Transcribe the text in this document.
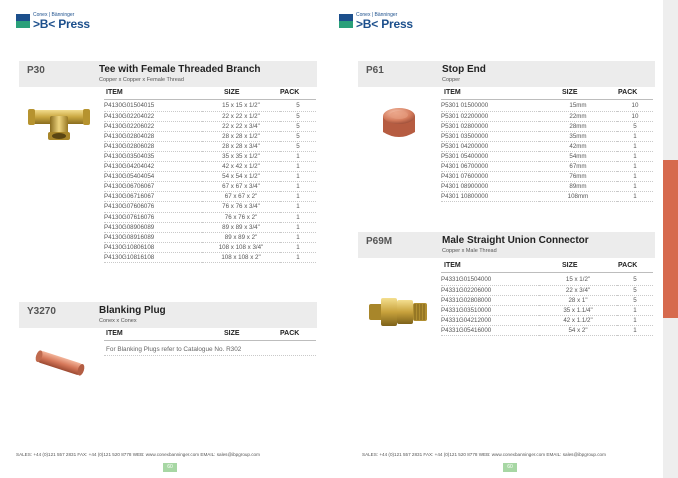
Conex | Bänninger
>B< Press
P30	Tee with Female Threaded Branch
Copper x Copper x Female Thread
ITEM	SIZE	PACK
P4130G01504015	15 x 15 x 1/2"	5
P4130G02204022	22 x 22 x 1/2"	5
P4130G02206022	22 x 22 x 3/4"	5
P4130G02804028	28 x 28 x 1/2"	5
P4130G02806028	28 x 28 x 3/4"	5
P4130G03504035	35 x 35 x 1/2"	1
P4130G04204042	42 x 42 x 1/2"	1
P4130G05404054	54 x 54 x 1/2"	1
P4130G06706067	67 x 67 x 3/4"	1
P4130G06716067	67 x 67 x 2"	1
P4130G07606076	76 x 76 x 3/4"	1
P4130G07616076	76 x 76 x 2"	1
P4130G08906089	89 x 89 x 3/4"	1
P4130G08916089	89 x 89 x 2"	1
P4130G10806108	108 x 108 x 3/4"	1
P4130G10816108	108 x 108 x 2"	1
Y3270	Blanking Plug
Conex x Conex
ITEM	SIZE	PACK
For Blanking Plugs refer to Catalogue No. R302
SALES: +44 (0)121 557 2831 FAX: +44 (0)121 520 8778 WEB: www.conexbanninger.com EMAIL: sales@ibpgroup.com
60
Conex | Bänninger
>B< Press
P61	Stop End
Copper
ITEM	SIZE	PACK
P5301 01500000	15mm	10
P5301 02200000	22mm	10
P5301 02800000	28mm	5
P5301 03500000	35mm	1
P5301 04200000	42mm	1
P5301 05400000	54mm	1
P4301 06700000	67mm	1
P4301 07600000	76mm	1
P4301 08900000	89mm	1
P4301 10800000	108mm	1
P69M	Male Straight Union Connector
Copper x Male Thread
ITEM	SIZE	PACK
P4331G01504000	15 x 1/2"	5
P4331G02206000	22 x 3/4"	5
P4331G02808000	28 x 1"	5
P4331G03510000	35 x 1.1/4"	1
P4331G04212000	42 x 1.1/2"	1
P4331G05416000	54 x 2"	1
SALES: +44 (0)121 557 2831 FAX: +44 (0)121 520 8778 WEB: www.conexbanninger.com EMAIL: sales@ibpgroup.com
60
